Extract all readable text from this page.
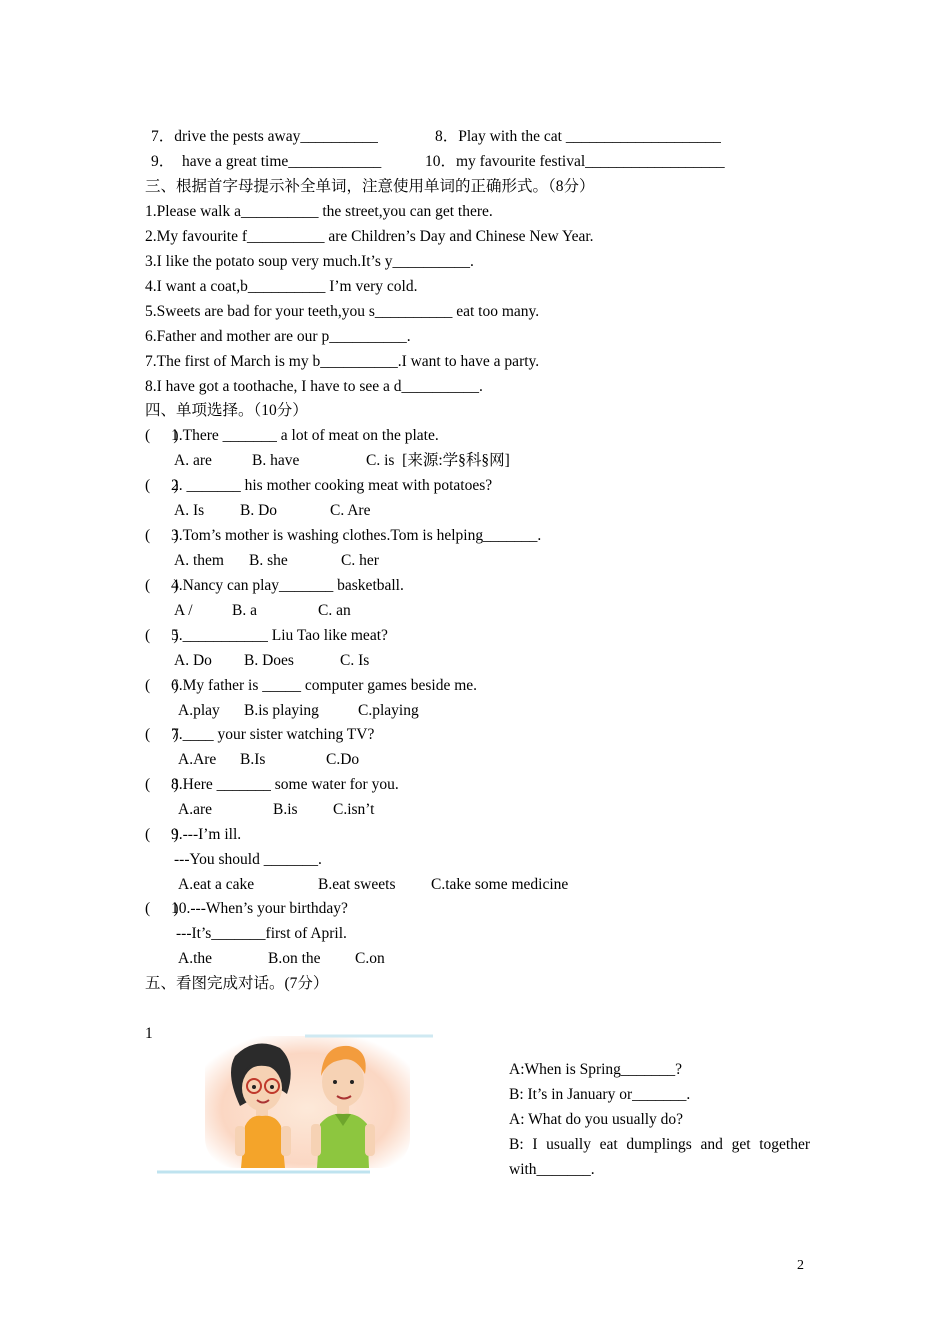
7．drive the pests away__________	8．Play with the cat ____________________
9．  have a great time____________	10．my favourite festival__________________
三、根据首字母提示补全单词，注意使用单词的正确形式。（8分）
1.Please walk a__________ the street,you can get there.
2.My favourite f__________ are Children’s Day and Chinese New Year.
3.I like the potato soup very much.It’s y__________.
4.I want a coat,b__________ I’m very cold.
5.Sweets are bad for your teeth,you s__________ eat too many.
6.Father and mother are our p__________.
7.The first of March is my b__________.I want to have a party.
8.I have got a toothache, I have to see a d__________.
四、单项选择。（10分）
(      )
1.There _______ a lot of meat on the plate.
A. are	B. have	C. is  [来源:学§科§网]
(      )
2. _______ his mother cooking meat with potatoes?
A. Is B. Do	C. Are
(      )
3.Tom’s mother is washing clothes.Tom is helping_______.
A. them B. she	C. her
(      )
4.Nancy can play_______ basketball.
A /	B. a	C. an
(      )
5.___________ Liu Tao like meat?
A. Do B. Does	C. Is
(      )
6.My father is _____ computer games beside me.
A.play B.is playing	C.playing
(      )
7.____ your sister watching TV?
A.Are B.Is	C.Do
(      )
8.Here _______ some water for you.
A.are	B.is C.isn’t
(      )
9.---I’m ill.
---You should _______.
A.eat a cake	B.eat sweets C.take some medicine
(      )
10.---When’s your birthday?
---It’s_______first of April.
A.the	B.on the C.on
五、看图完成对话。(7分）
1
A:When is Spring_______?
B: It’s in January or_______.
A: What do you usually do?
B: I usually eat dumplings and get together
with_______.
2
